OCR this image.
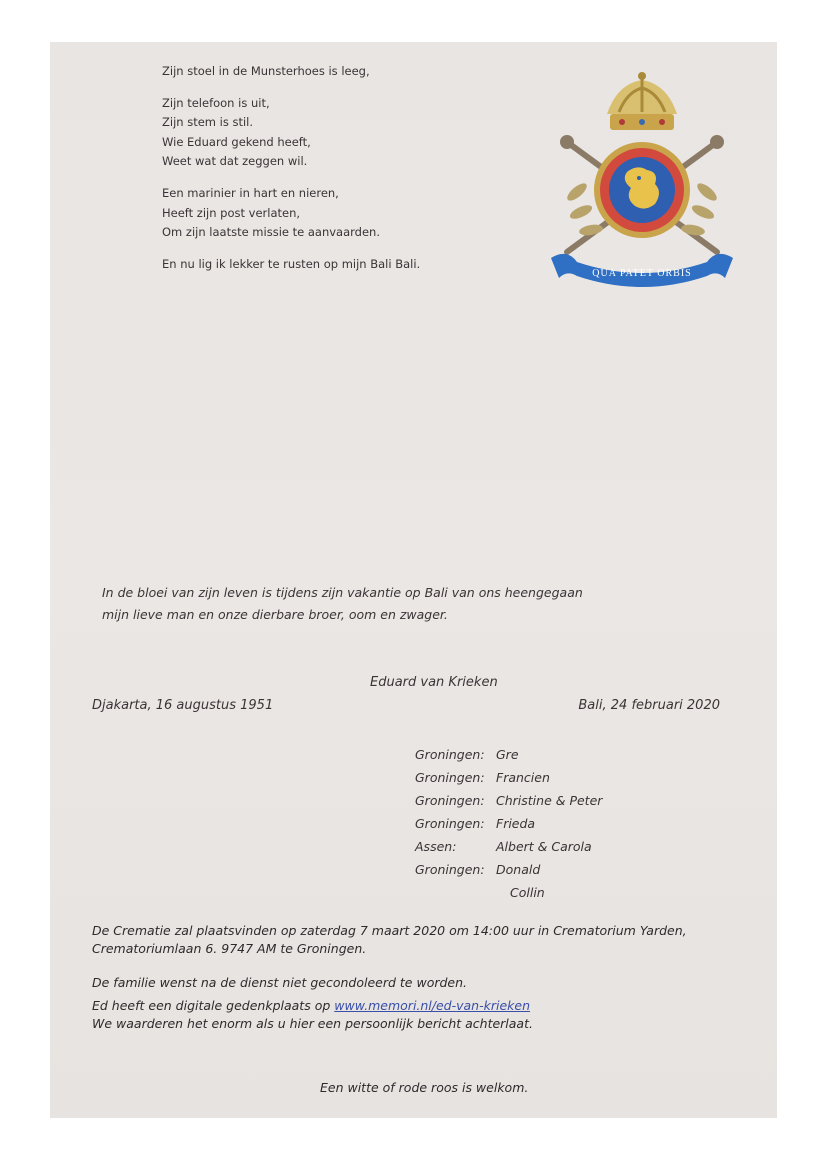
Zijn stoel in de Munsterhoes is leeg,
Zijn telefoon is uit,
Zijn stem is stil.
Wie Eduard gekend heeft,
Weet wat dat zeggen wil.
Een marinier in hart en nieren,
Heeft zijn post verlaten,
Om zijn laatste missie te aanvaarden.
En nu lig ik lekker te rusten op mijn Bali Bali.
QUA PATET ORBIS
In de bloei van zijn leven is tijdens zijn vakantie op Bali van ons heengegaan
mijn lieve man en onze dierbare broer, oom en zwager.
Eduard van Krieken
Djakarta, 16 augustus 1951	Bali, 24 februari 2020
Groningen: Gre
Groningen: Francien
Groningen: Christine & Peter
Groningen: Frieda
Assen:	Albert & Carola
Groningen: Donald
Collin
De Crematie zal plaatsvinden op zaterdag 7 maart 2020 om 14:00 uur in Crematorium Yarden,
Crematoriumlaan 6. 9747 AM te Groningen.
De familie wenst na de dienst niet gecondoleerd te worden.
Ed heeft een digitale gedenkplaats op www.memori.nl/ed-van-krieken
We waarderen het enorm als u hier een persoonlijk bericht achterlaat.
Een witte of rode roos is welkom.
